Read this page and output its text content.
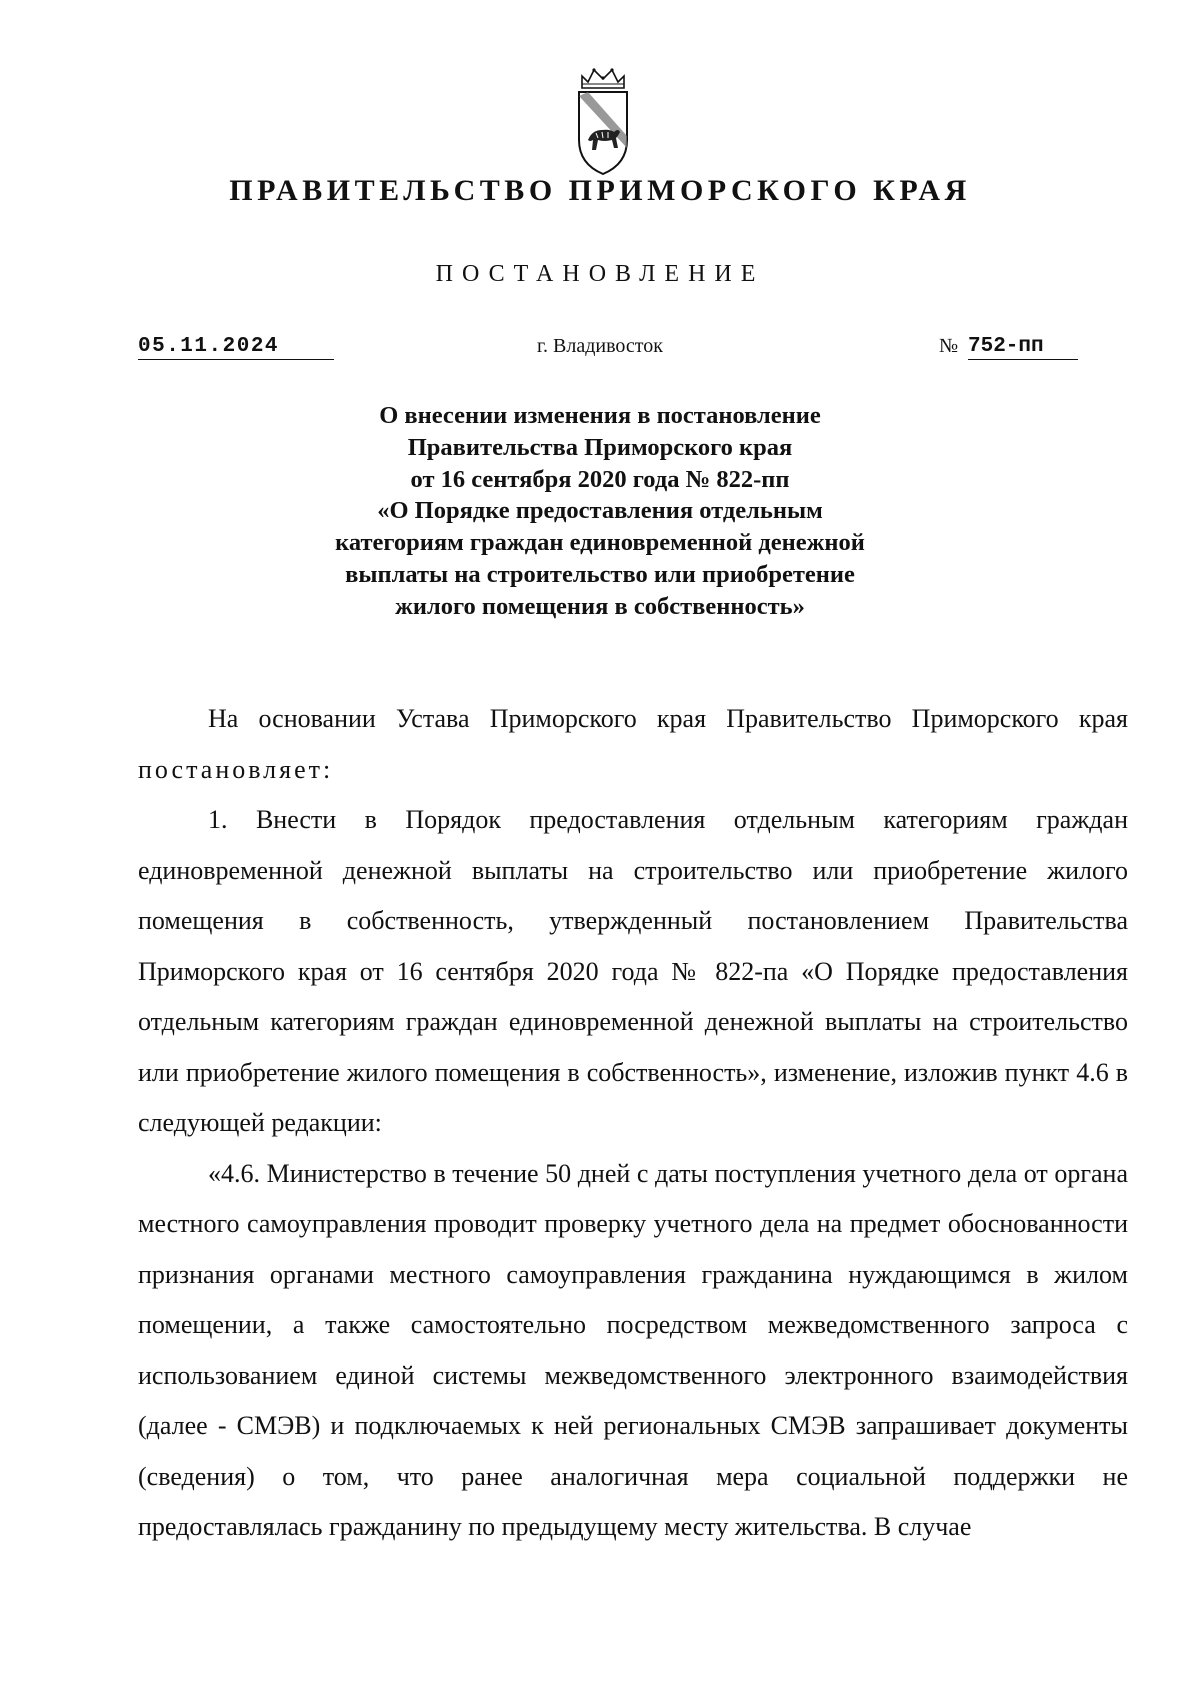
ПРАВИТЕЛЬСТВО ПРИМОРСКОГО КРАЯ
ПОСТАНОВЛЕНИЕ
05.11.2024	г. Владивосток	№ 752-пп
О внесении изменения в постановление
Правительства Приморского края
от 16 сентября 2020 года № 822-пп
«О Порядке предоставления отдельным
категориям граждан единовременной денежной
выплаты на строительство или приобретение
жилого помещения в собственность»

На основании Устава Приморского края Правительство Приморского края постановляет:

1. Внести в Порядок предоставления отдельным категориям граждан единовременной денежной выплаты на строительство или приобретение жилого помещения в собственность, утвержденный постановлением Правительства Приморского края от 16 сентября 2020 года № 822-па «О Порядке предоставления отдельным категориям граждан единовременной денежной выплаты на строительство или приобретение жилого помещения в собственность», изменение, изложив пункт 4.6 в следующей редакции:

«4.6. Министерство в течение 50 дней с даты поступления учетного дела от органа местного самоуправления проводит проверку учетного дела на предмет обоснованности признания органами местного самоуправления гражданина нуждающимся в жилом помещении, а также самостоятельно посредством межведомственного запроса с использованием единой системы межведомственного электронного взаимодействия (далее - СМЭВ) и подключаемых к ней региональных СМЭВ запрашивает документы (сведения) о том, что ранее аналогичная мера социальной поддержки не предоставлялась гражданину по предыдущему месту жительства. В случае
